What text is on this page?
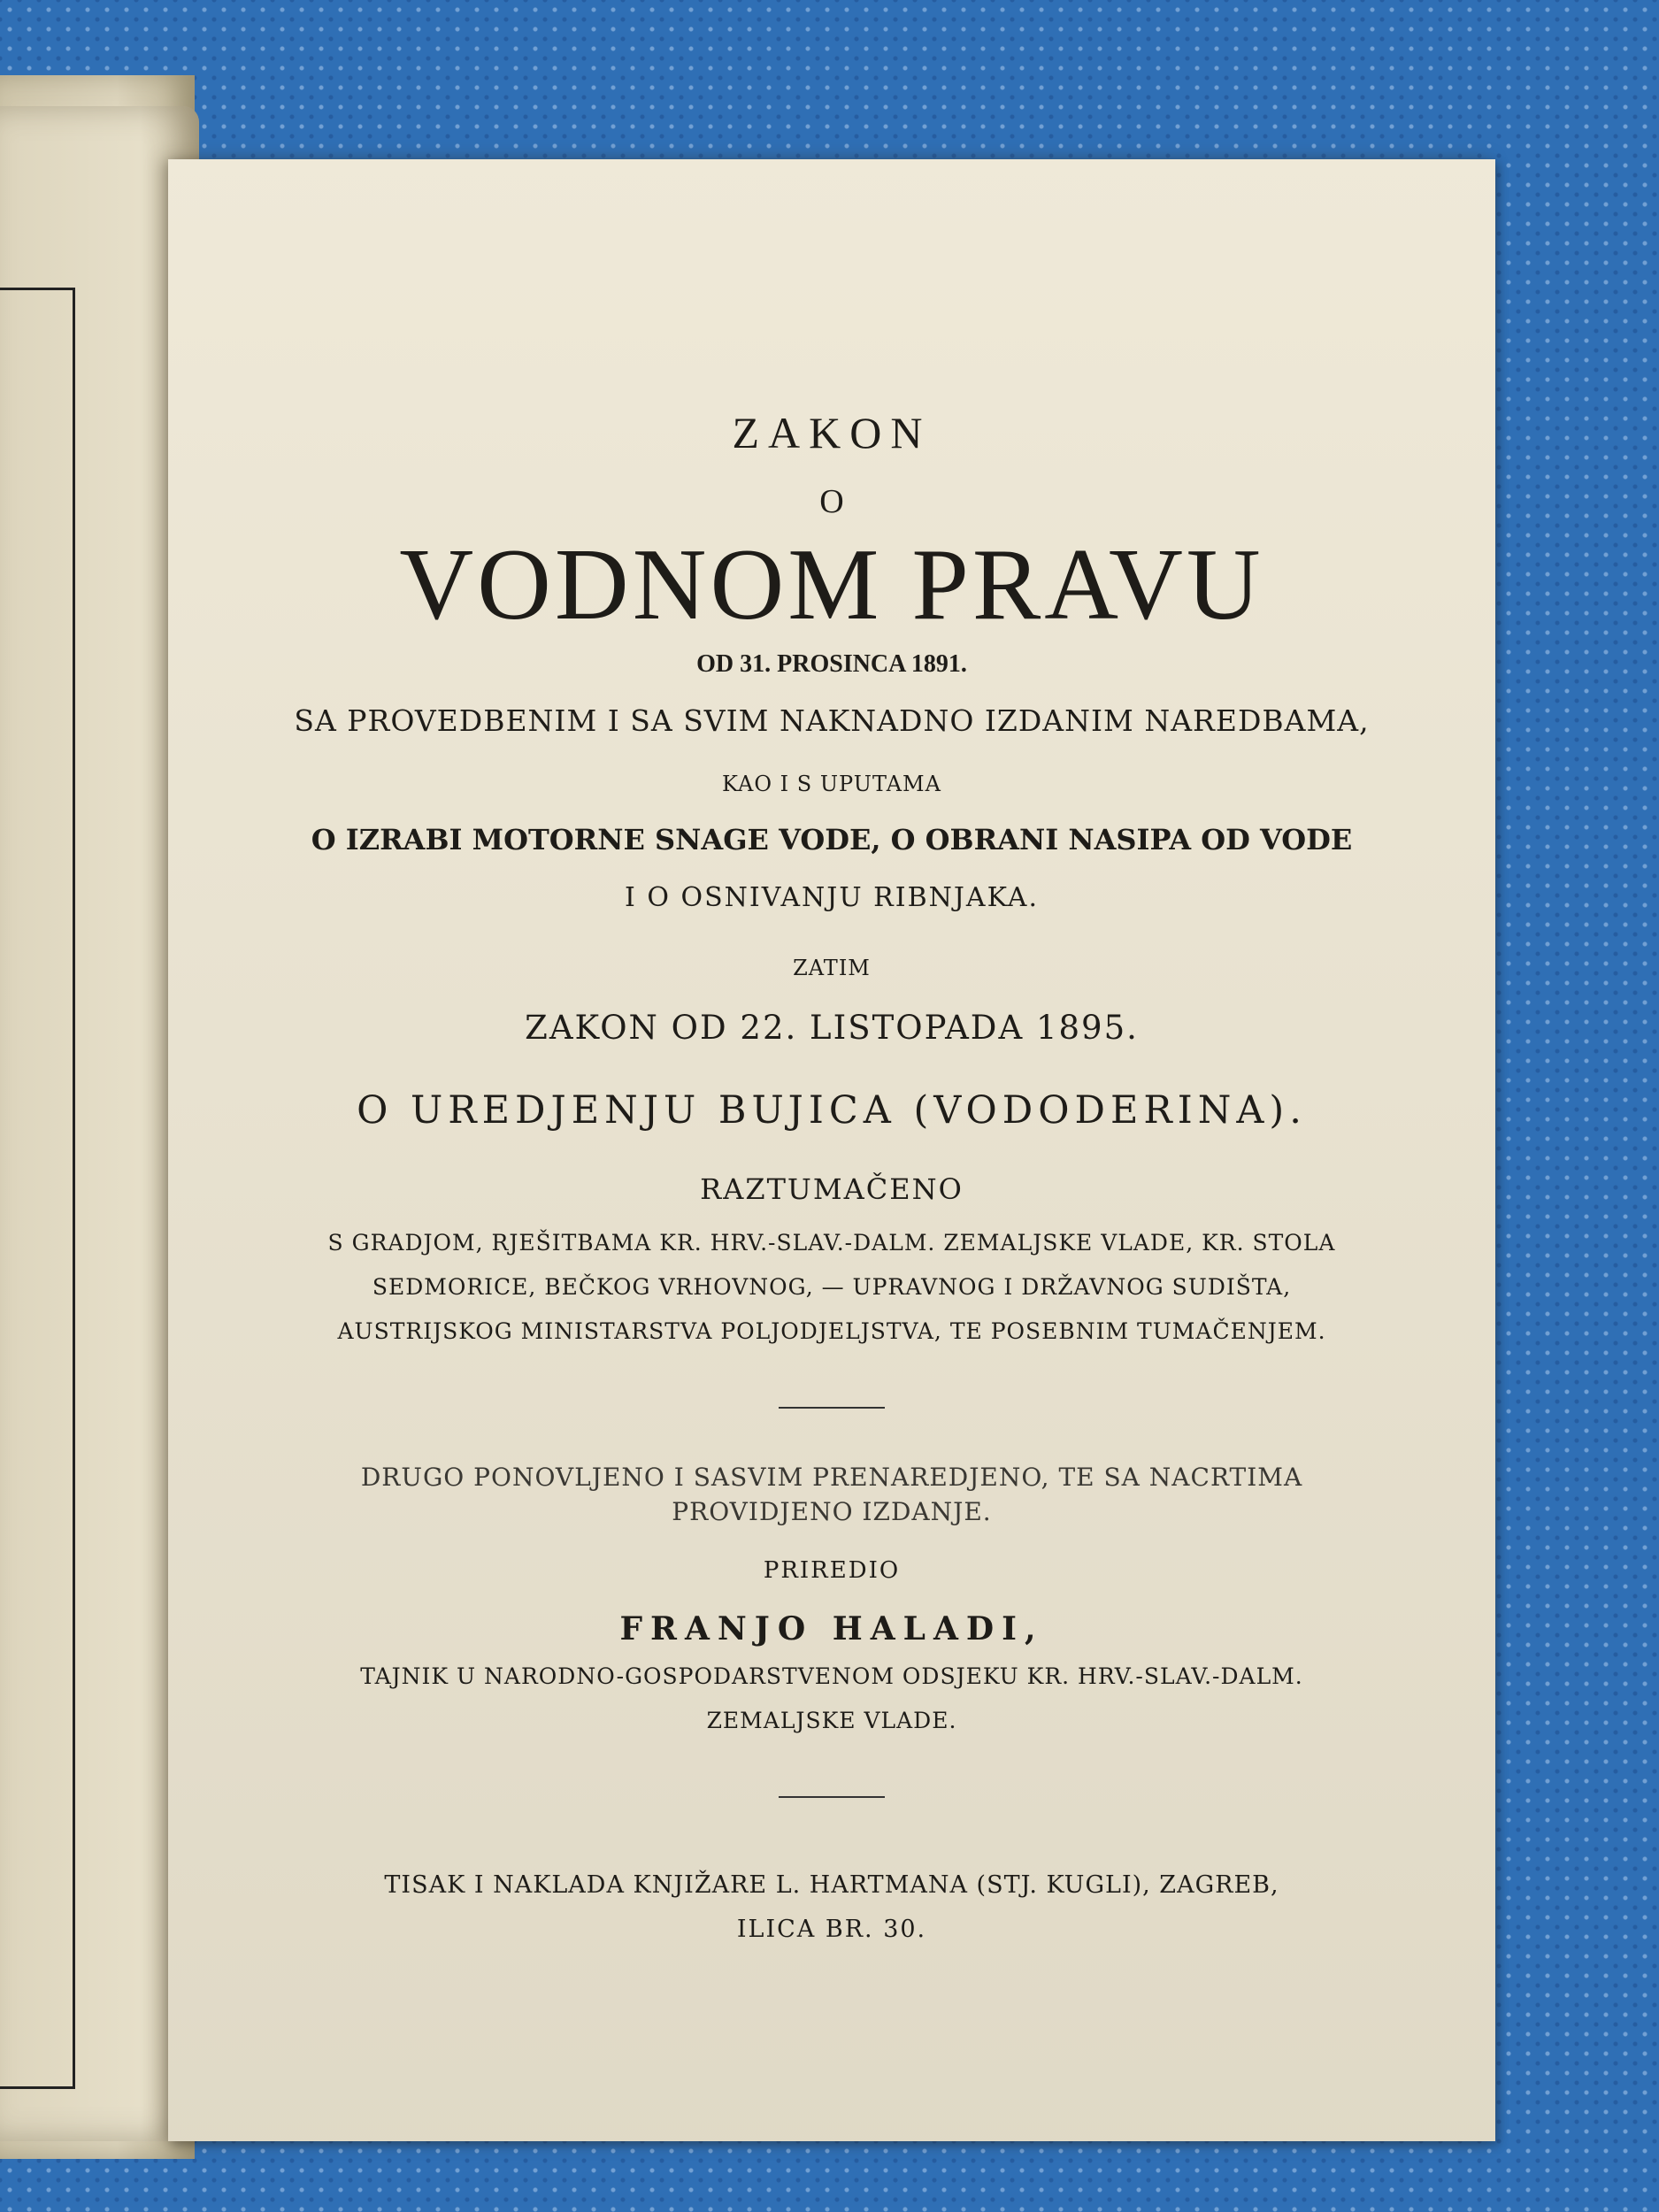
ZAKON

O

VODNOM PRAVU

OD 31. PROSINCA 1891.

SA PROVEDBENIM I SA SVIM NAKNADNO IZDANIM NAREDBAMA,

KAO I S UPUTAMA

O IZRABI MOTORNE SNAGE VODE, O OBRANI NASIPA OD VODE

I O OSNIVANJU RIBNJAKA.

ZATIM

ZAKON OD 22. LISTOPADA 1895.

O UREDJENJU BUJICA (VODODERINA).

RAZTUMAČENO

S GRADJOM, RJEŠITBAMA KR. HRV.-SLAV.-DALM. ZEMALJSKE VLADE, KR. STOLA

SEDMORICE, BEČKOG VRHOVNOG, — UPRAVNOG I DRŽAVNOG SUDIŠTA,

AUSTRIJSKOG MINISTARSTVA POLJODJELJSTVA, TE POSEBNIM TUMAČENJEM.

DRUGO PONOVLJENO I SASVIM PRENAREDJENO, TE SA NACRTIMA

PROVIDJENO IZDANJE.

PRIREDIO

FRANJO HALADI,

TAJNIK U NARODNO-GOSPODARSTVENOM ODSJEKU KR. HRV.-SLAV.-DALM.

ZEMALJSKE VLADE.

TISAK I NAKLADA KNJIŽARE L. HARTMANA (STJ. KUGLI), ZAGREB,

ILICA BR. 30.
